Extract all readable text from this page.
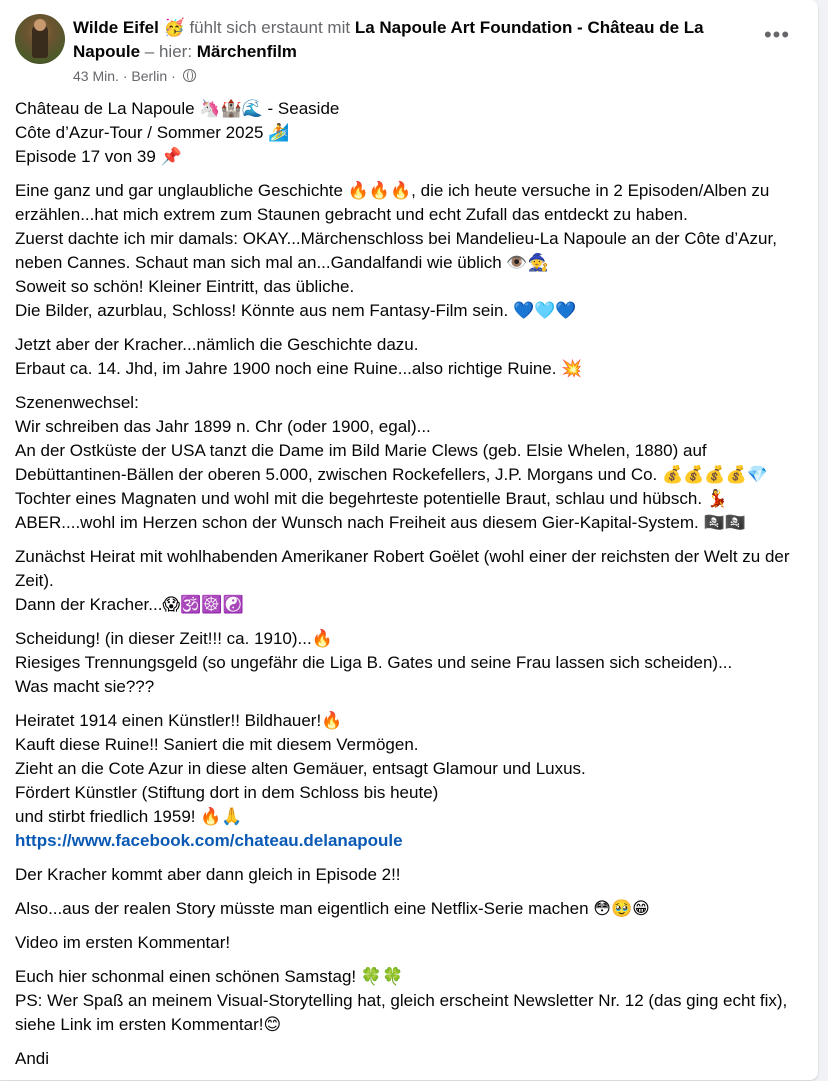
Wilde Eifel 🥳 fühlt sich erstaunt mit La Napoule Art Foundation - Château de La Napoule – hier: Märchenfilm
43 Min. · Berlin ·
•••
Château de La Napoule 🦄🏰🌊 - Seaside
Côte d’Azur-Tour / Sommer 2025 🏄
Episode 17 von 39 📌
Eine ganz und gar unglaubliche Geschichte 🔥🔥🔥, die ich heute versuche in 2 Episoden/Alben zu erzählen...hat mich extrem zum Staunen gebracht und echt Zufall das entdeckt zu haben.
Zuerst dachte ich mir damals: OKAY...Märchenschloss bei Mandelieu-La Napoule an der Côte d’Azur, neben Cannes. Schaut man sich mal an...Gandalfandi wie üblich 👁️🧙
Soweit so schön! Kleiner Eintritt, das übliche.
Die Bilder, azurblau, Schloss! Könnte aus nem Fantasy-Film sein. 💙🩵💙
Jetzt aber der Kracher...nämlich die Geschichte dazu.
Erbaut ca. 14. Jhd, im Jahre 1900 noch eine Ruine...also richtige Ruine. 💥
Szenenwechsel:
Wir schreiben das Jahr 1899 n. Chr (oder 1900, egal)...
An der Ostküste der USA tanzt die Dame im Bild Marie Clews (geb. Elsie Whelen, 1880) auf Debüttantinen-Bällen der oberen 5.000, zwischen Rockefellers, J.P. Morgans und Co. 💰💰💰💰💎
Tochter eines Magnaten und wohl mit die begehrteste potentielle Braut, schlau und hübsch. 💃
ABER....wohl im Herzen schon der Wunsch nach Freiheit aus diesem Gier-Kapital-System. 🏴‍☠️🏴‍☠️
Zunächst Heirat mit wohlhabenden Amerikaner Robert Goëlet (wohl einer der reichsten der Welt zu der Zeit).
Dann der Kracher...😱🕉️☸️☯️
Scheidung! (in dieser Zeit!!! ca. 1910)...🔥
Riesiges Trennungsgeld (so ungefähr die Liga B. Gates und seine Frau lassen sich scheiden)...
Was macht sie???
Heiratet 1914 einen Künstler!! Bildhauer!🔥
Kauft diese Ruine!! Saniert die mit diesem Vermögen.
Zieht an die Cote Azur in diese alten Gemäuer, entsagt Glamour und Luxus.
Fördert Künstler (Stiftung dort in dem Schloss bis heute)
und stirbt friedlich 1959! 🔥🙏
https://www.facebook.com/chateau.delanapoule
Der Kracher kommt aber dann gleich in Episode 2!!
Also...aus der realen Story müsste man eigentlich eine Netflix-Serie machen 😳🥹😁
Video im ersten Kommentar!
Euch hier schonmal einen schönen Samstag! 🍀🍀
PS: Wer Spaß an meinem Visual-Storytelling hat, gleich erscheint Newsletter Nr. 12 (das ging echt fix), siehe Link im ersten Kommentar!😊
Andi
